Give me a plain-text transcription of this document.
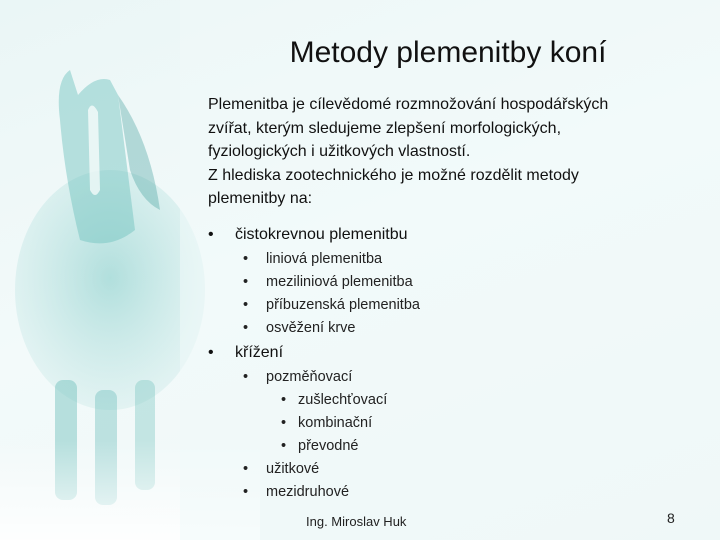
Metody plemenitby koní

Plemenitba je cílevědomé rozmnožování hospodářských

zvířat, kterým sledujeme zlepšení morfologických,

fyziologických i užitkových vlastností.

Z hlediska zootechnického je možné rozdělit metody

plemenitby na:

• čistokrevnou plemenitbu
• liniová plemenitba
• meziliniová plemenitba
• příbuzenská plemenitba
• osvěžení krve
• křížení
• pozměňovací
• zušlechťovací
• kombinační
• převodné
• užitkové
• mezidruhové
Ing. Miroslav Huk	8
